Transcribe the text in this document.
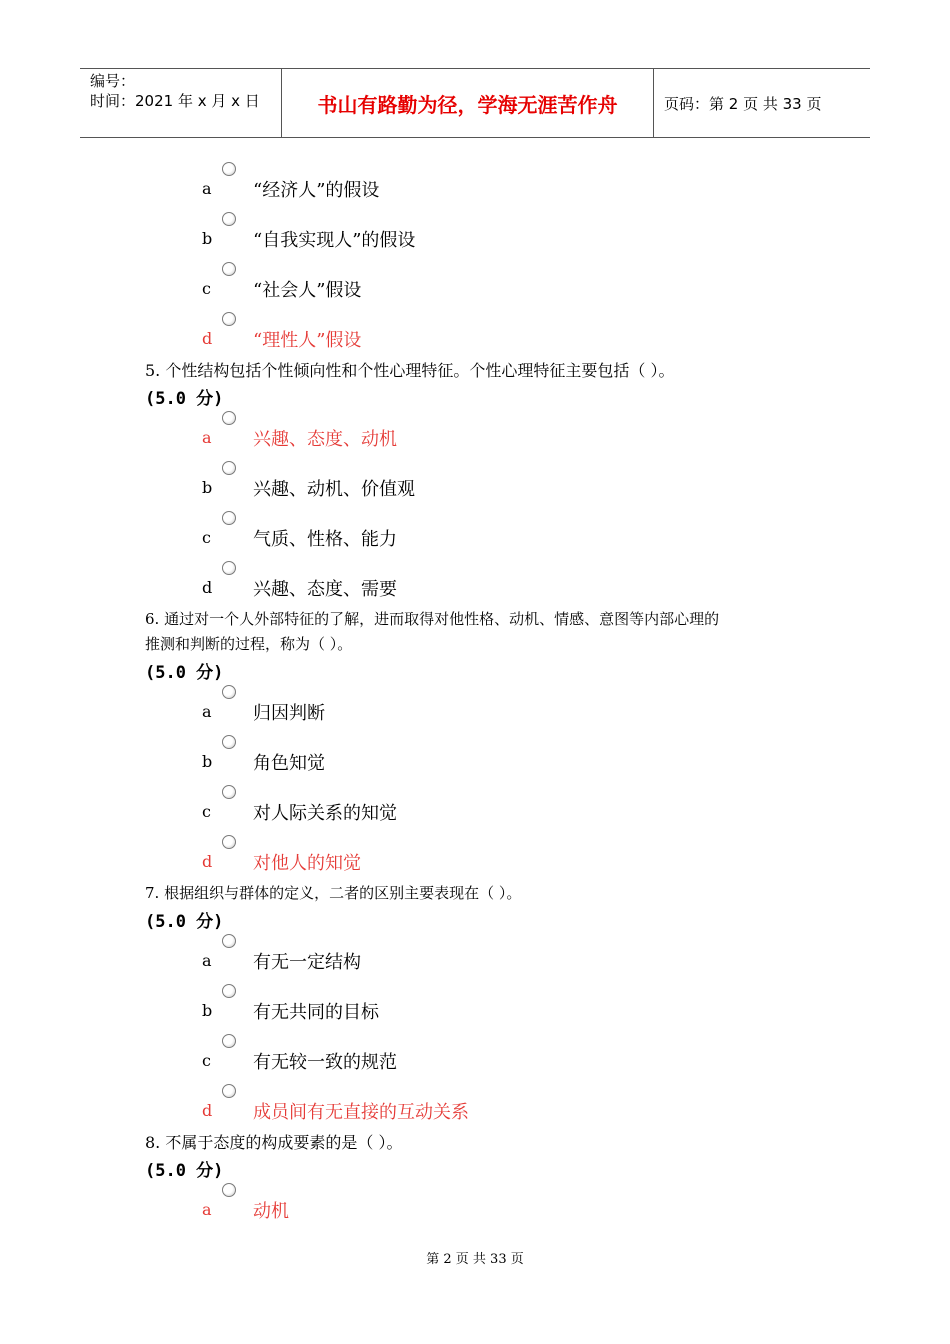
编号：
时间：2021 年 x 月 x 日	书山有路勤为径，学海无涯苦作舟	页码：第 2 页 共 33 页
a “经济人”的假设
b “自我实现人”的假设
c “社会人”假设
d “理性人”假设
5. 个性结构包括个性倾向性和个性心理特征。个性心理特征主要包括（ ）。
(5.0 分)
a 兴趣、态度、动机
b 兴趣、动机、价值观
c 气质、性格、能力
d 兴趣、态度、需要
6. 通过对一个人外部特征的了解，进而取得对他性格、动机、情感、意图等内部心理的
推测和判断的过程，称为（ ）。
(5.0 分)
a 归因判断
b 角色知觉
c 对人际关系的知觉
d 对他人的知觉
7. 根据组织与群体的定义，二者的区别主要表现在（ ）。
(5.0 分)
a 有无一定结构
b 有无共同的目标
c 有无较一致的规范
d 成员间有无直接的互动关系
8. 不属于态度的构成要素的是（ ）。
(5.0 分)
a 动机
第 2 页 共 33 页
